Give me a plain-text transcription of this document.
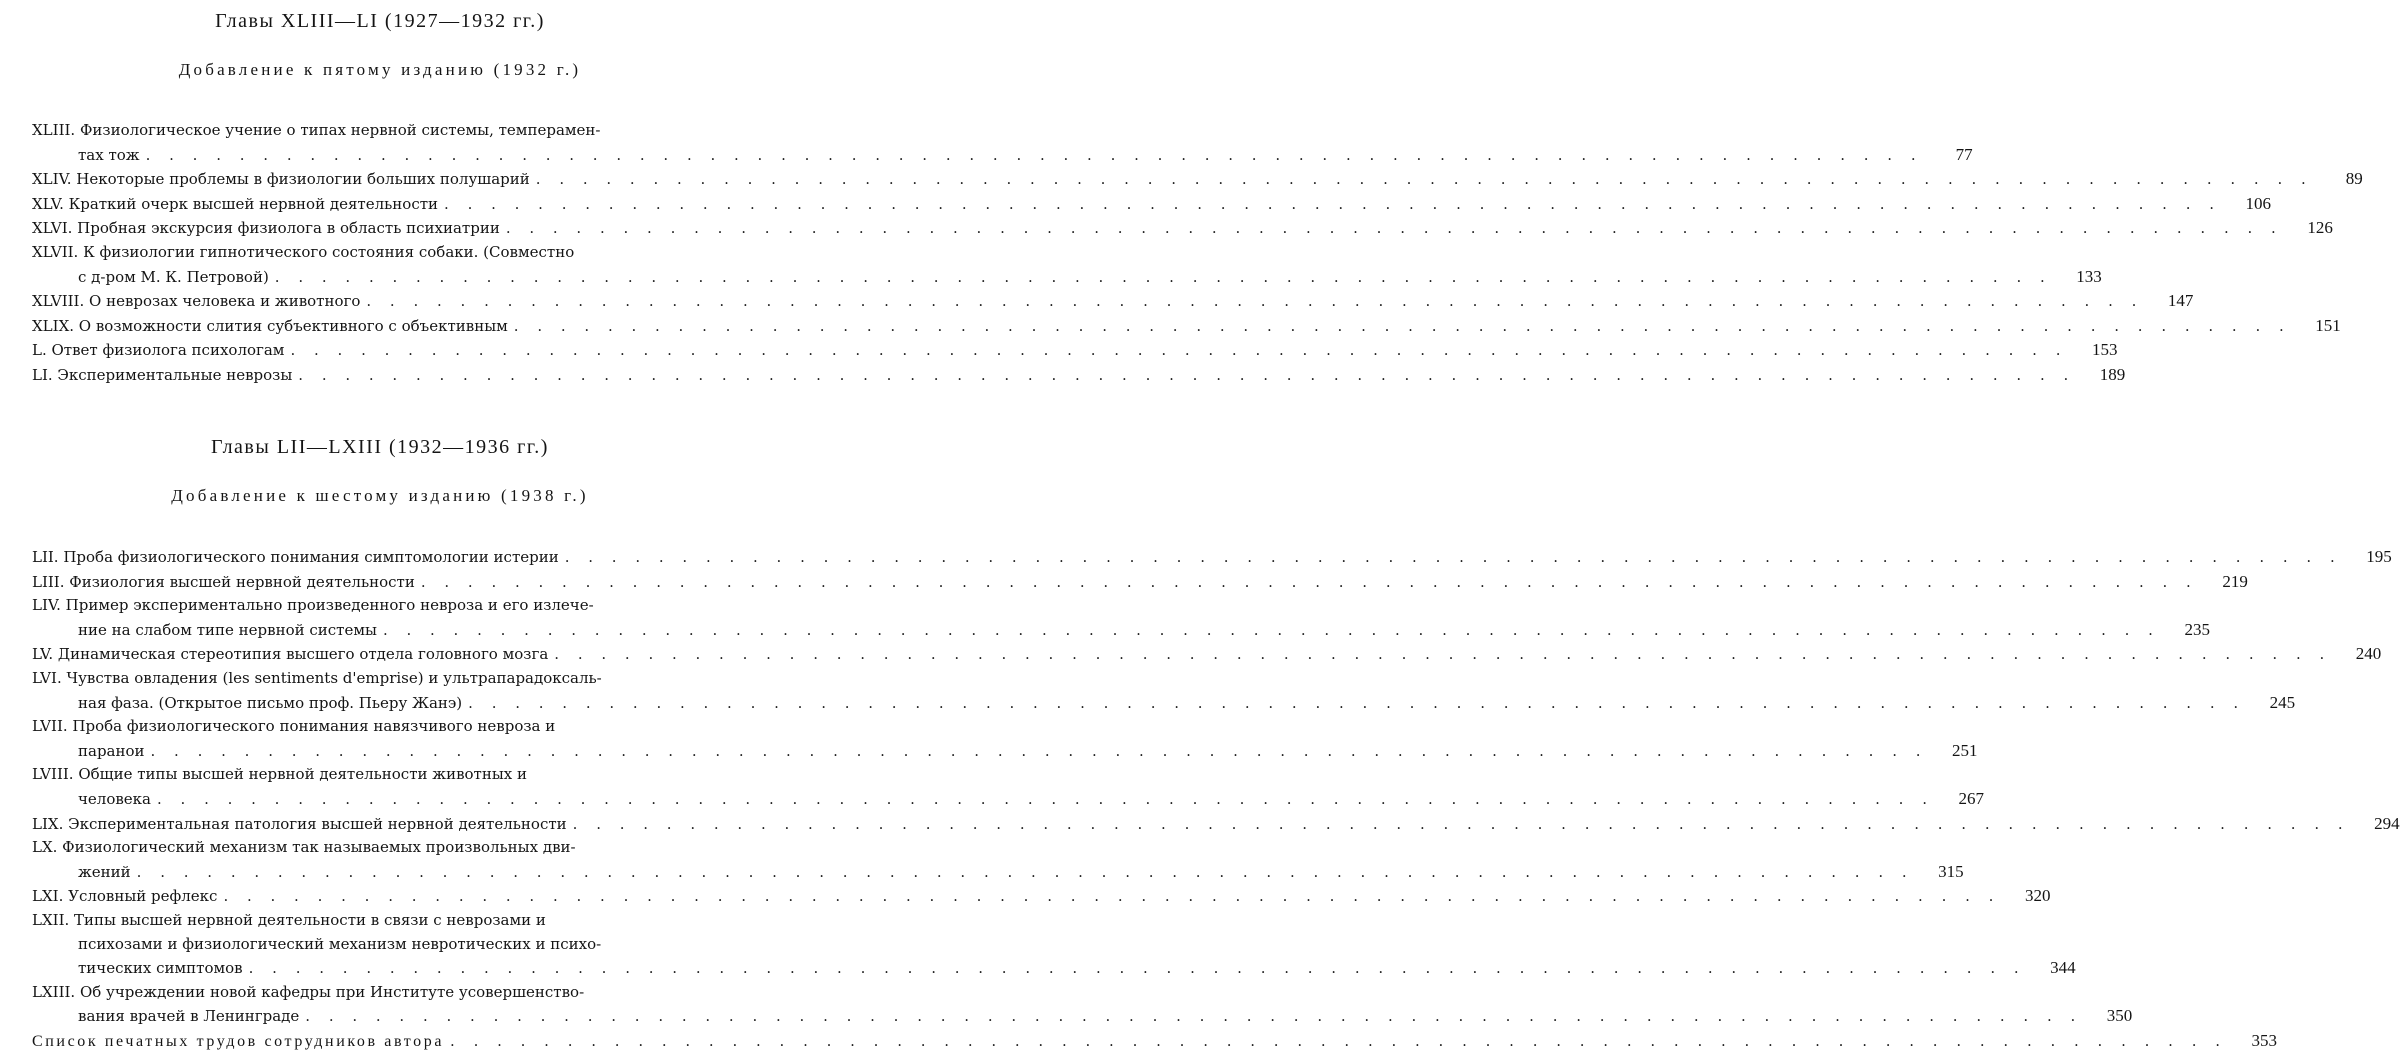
Главы XLIII—LI (1927—1932 гг.)
Добавление к пятому изданию (1932 г.)
XLIII. Физиологическое учение о типах нервной системы, темперамен-
тах тож . . .	77
XLIV. Некоторые проблемы в физиологии больших полушарий . . .	89
XLV. Краткий очерк высшей нервной деятельности . . .	106
XLVI. Пробная экскурсия физиолога в область психиатрии . . .	126
XLVII. К физиологии гипнотического состояния собаки. (Совместно
с д-ром М. К. Петровой) . . .	133
XLVIII. О неврозах человека и животного . . .	147
XLIX. О возможности слития субъективного с объективным . . .	151
L. Ответ физиолога психологам . . .	153
LI. Экспериментальные неврозы . . .	189
Главы LII—LXIII (1932—1936 гг.)
Добавление к шестому изданию (1938 г.)
LII. Проба физиологического понимания симптомологии истерии . . .	195
LIII. Физиология высшей нервной деятельности . . .	219
LIV. Пример экспериментально произведенного невроза и его излече-
ние на слабом типе нервной системы . . .	235
LV. Динамическая стереотипия высшего отдела головного мозга . . .	240
LVI. Чувства овладения (les sentiments d'emprise) и ультрапарадоксаль-
ная фаза. (Открытое письмо проф. Пьеру Жанэ) . . .	245
LVII. Проба физиологического понимания навязчивого невроза и
паранои . . .	251
LVIII. Общие типы высшей нервной деятельности животных и
человека . . .	267
LIX. Экспериментальная патология высшей нервной деятельности . . .	294
LX. Физиологический механизм так называемых произвольных дви-
жений . . .	315
LXI. Условный рефлекс . . .	320
LXII. Типы высшей нервной деятельности в связи с неврозами и
психозами и физиологический механизм невротических и психо-
тических симптомов . . .	344
LXIII. Об учреждении новой кафедры при Институте усовершенство-
вания врачей в Ленинграде . . .	350
Список печатных трудов сотрудников автора . . .	353
